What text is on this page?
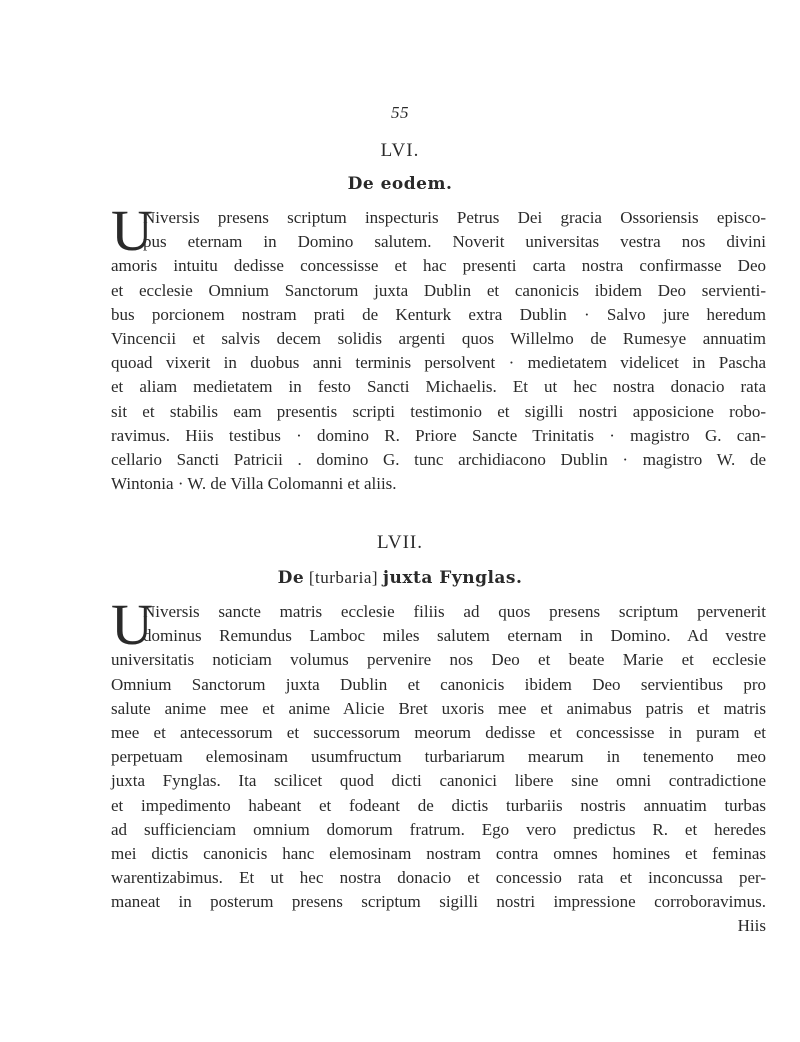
55
LVI.
De eodem.
U
Niversis presens scriptum inspecturis Petrus Dei gracia Ossoriensis episco-
pus eternam in Domino salutem. Noverit universitas vestra nos divini
amoris intuitu dedisse concessisse et hac presenti carta nostra confirmasse Deo
et ecclesie Omnium Sanctorum juxta Dublin et canonicis ibidem Deo servienti-
bus porcionem nostram prati de Kenturk extra Dublin · Salvo jure heredum
Vincencii et salvis decem solidis argenti quos Willelmo de Rumesye annuatim
quoad vixerit in duobus anni terminis persolvent · medietatem videlicet in Pascha
et aliam medietatem in festo Sancti Michaelis. Et ut hec nostra donacio rata
sit et stabilis eam presentis scripti testimonio et sigilli nostri apposicione robo-
ravimus. Hiis testibus · domino R. Priore Sancte Trinitatis · magistro G. can-
cellario Sancti Patricii . domino G. tunc archidiacono Dublin · magistro W. de
Wintonia · W. de Villa Colomanni et aliis.
LVII.
De [turbaria] juxta Fynglas.
U
Niversis sancte matris ecclesie filiis ad quos presens scriptum pervenerit
dominus Remundus Lamboc miles salutem eternam in Domino. Ad vestre
universitatis noticiam volumus pervenire nos Deo et beate Marie et ecclesie
Omnium Sanctorum juxta Dublin et canonicis ibidem Deo servientibus pro
salute anime mee et anime Alicie Bret uxoris mee et animabus patris et matris
mee et antecessorum et successorum meorum dedisse et concessisse in puram et
perpetuam elemosinam usumfructum turbariarum mearum in tenemento meo
juxta Fynglas. Ita scilicet quod dicti canonici libere sine omni contradictione
et impedimento habeant et fodeant de dictis turbariis nostris annuatim turbas
ad sufficienciam omnium domorum fratrum. Ego vero predictus R. et heredes
mei dictis canonicis hanc elemosinam nostram contra omnes homines et feminas
warentizabimus. Et ut hec nostra donacio et concessio rata et inconcussa per-
maneat in posterum presens scriptum sigilli nostri impressione corroboravimus.
Hiis
